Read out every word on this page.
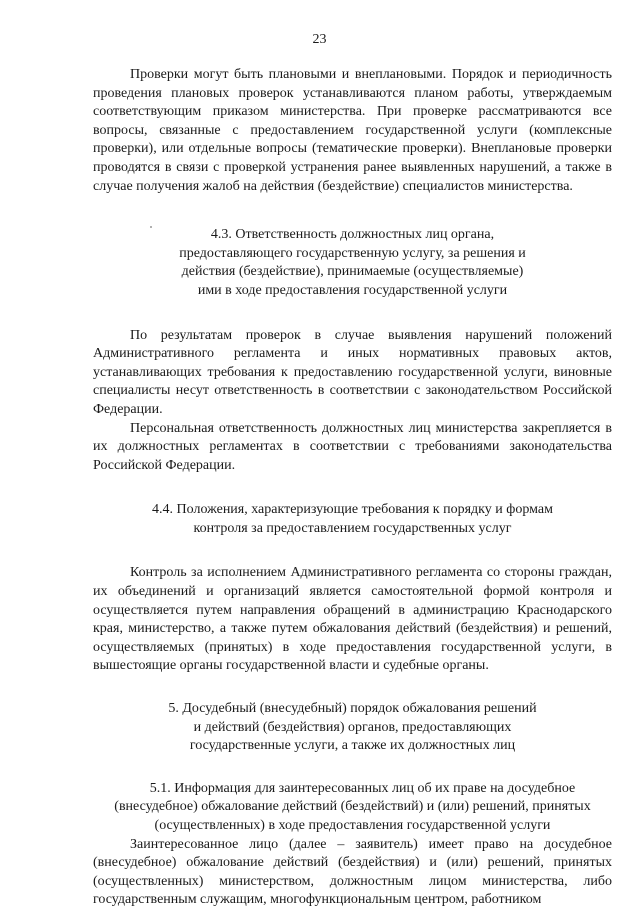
23

Проверки могут быть плановыми и внеплановыми. Порядок и периодичность проведения плановых проверок устанавливаются планом работы, утверждаемым соответствующим приказом министерства. При проверке рассматриваются все вопросы, связанные с предоставлением государственной услуги (комплексные проверки), или отдельные вопросы (тематические проверки). Внеплановые проверки проводятся в связи с проверкой устранения ранее выявленных нарушений, а также в случае получения жалоб на действия (бездействие) специалистов министерства.

4.3. Ответственность должностных лиц органа,
предоставляющего государственную услугу, за решения и
действия (бездействие), принимаемые (осуществляемые)
ими в ходе предоставления государственной услуги

По результатам проверок в случае выявления нарушений положений Административного регламента и иных нормативных правовых актов, устанавливающих требования к предоставлению государственной услуги, виновные специалисты несут ответственность в соответствии с законодательством Российской Федерации.

Персональная ответственность должностных лиц министерства закрепляется в их должностных регламентах в соответствии с требованиями законодательства Российской Федерации.

4.4. Положения, характеризующие требования к порядку и формам
контроля за предоставлением государственных услуг

Контроль за исполнением Административного регламента со стороны граждан, их объединений и организаций является самостоятельной формой контроля и осуществляется путем направления обращений в администрацию Краснодарского края, министерство, а также путем обжалования действий (бездействия) и решений, осуществляемых (принятых) в ходе предоставления государственной услуги, в вышестоящие органы государственной власти и судебные органы.

5. Досудебный (внесудебный) порядок обжалования решений
и действий (бездействия) органов, предоставляющих
государственные услуги, а также их должностных лиц
5.1. Информация для заинтересованных лиц об их праве на досудебное
(внесудебное) обжалование действий (бездействий) и (или) решений, принятых
(осуществленных) в ходе предоставления государственной услуги

Заинтересованное лицо (далее – заявитель) имеет право на досудебное (внесудебное) обжалование действий (бездействия) и (или) решений, принятых (осуществленных) министерством, должностным лицом министерства, либо государственным служащим, многофункциональным центром, работником
